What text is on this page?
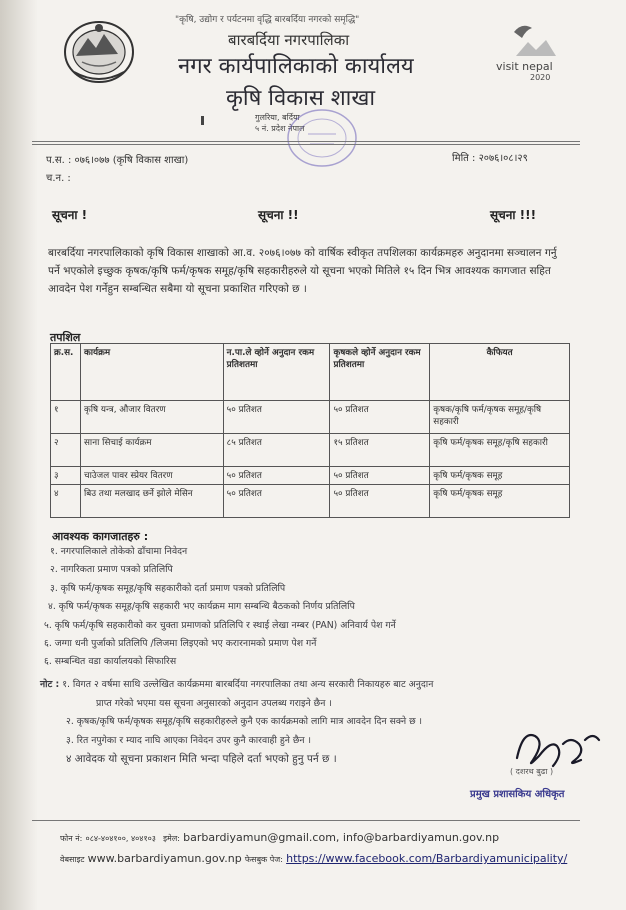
"कृषि, उद्योग र पर्यटनमा वृद्धि बारबर्दिया नगरको समृद्धि"
visit nepal
2020
बारबर्दिया नगरपालिका
नगर कार्यपालिकाको कार्यालय
कृषि विकास शाखा
गुलरिया, बर्दिया
५ नं. प्रदेश नेपाल
प.स. : ०७६।०७७ (कृषि विकास शाखा)
च.न. :
मिति : २०७६।०८।२९
सूचना !	सूचना !!	सूचना !!!
बारबर्दिया नगरपालिकाको कृषि विकास शाखाको आ.व. २०७६।०७७ को वार्षिक स्वीकृत तपशिलका कार्यक्रमहरु अनुदानमा सञ्चालन गर्नु पर्ने भएकोले इच्छुक कृषक/कृषि फर्म/कृषक समूह/कृषि सहकारीहरुले यो सूचना भएको मितिले १५ दिन भित्र आवश्यक कागजात सहित आवदेन पेश गर्नेहुन सम्बन्धित सबैमा यो सूचना प्रकाशित गरिएको छ ।
तपशिल
क्र.स.	कार्यक्रम	न.पा.ले व्होर्ने अनुदान रकम प्रतिशतमा	कृषकले व्होर्ने अनुदान रकम प्रतिशतमा	कैफियत
१	कृषि यन्त्र, औजार वितरण	५० प्रतिशत	५० प्रतिशत	कृषक/कृषि फर्म/कृषक समूह/कृषि सहकारी
२	साना सिचाई कार्यक्रम	८५ प्रतिशत	१५ प्रतिशत	कृषि फर्म/कृषक समूह/कृषि सहकारी
३	चाउेजल पावर स्प्रेयर वितरण	५० प्रतिशत	५० प्रतिशत	कृषि फर्म/कृषक समूह
४	बिउ तथा मलखाद छर्ने झोले मेसिन	५० प्रतिशत	५० प्रतिशत	कृषि फर्म/कृषक समूह
आवश्यक कागजातहरु :
१. नगरपालिकाले तोकेको ढाँचामा निवेदन
२. नागरिकता प्रमाण पत्रको प्रतिलिपि
३. कृषि फर्म/कृषक समूह/कृषि सहकारीको दर्ता प्रमाण पत्रको प्रतिलिपि
४. कृषि फर्म/कृषक समूह/कृषि सहकारी भए कार्यक्रम माग सम्बन्धि बैठकको निर्णय प्रतिलिपि
५. कृषि फर्म/कृषि सहकारीको कर चुक्ता प्रमाणको प्रतिलिपि र स्थाई लेखा नम्बर (PAN) अनिवार्य पेश गर्ने
६. जग्गा धनी पुर्जाको प्रतिलिपि /लिजमा लिइएको भए करारनामको प्रमाण पेश गर्ने
६. सम्बन्धित वडा कार्यालयको सिफारिस
नोट : १. विगत २ वर्षमा साथि उल्लेखित कार्यक्रममा बारबर्दिया नगरपालिका तथा अन्य सरकारी निकायहरु बाट अनुदान
प्राप्त गरेको भएमा यस सूचना अनुसारको अनुदान उपलब्ध गराइने छैन ।
२. कृषक/कृषि फर्म/कृषक समूह/कृषि सहकारीहरुले कुनै एक कार्यक्रमको लागि मात्र आवदेन दिन सक्ने छ ।
३. रित नपुगेका र म्याद नाघि आएका निवेदन उपर कुनै कारवाही हुने छैन ।
४ आवेदक यो सूचना प्रकाशन मिति भन्दा पहिले दर्ता भएको हुनु पर्न छ ।
( दशरथ बुढा )
प्रमुख प्रशासकिय अधिकृत
फोन नं: ०८४-४०४१००, ४०४१०३ इमेल: barbardiyamun@gmail.com, info@barbardiyamun.gov.np
वेबसाइट www.barbardiyamun.gov.np फेसबुक पेज: https://www.facebook.com/Barbardiyamunicipality/
